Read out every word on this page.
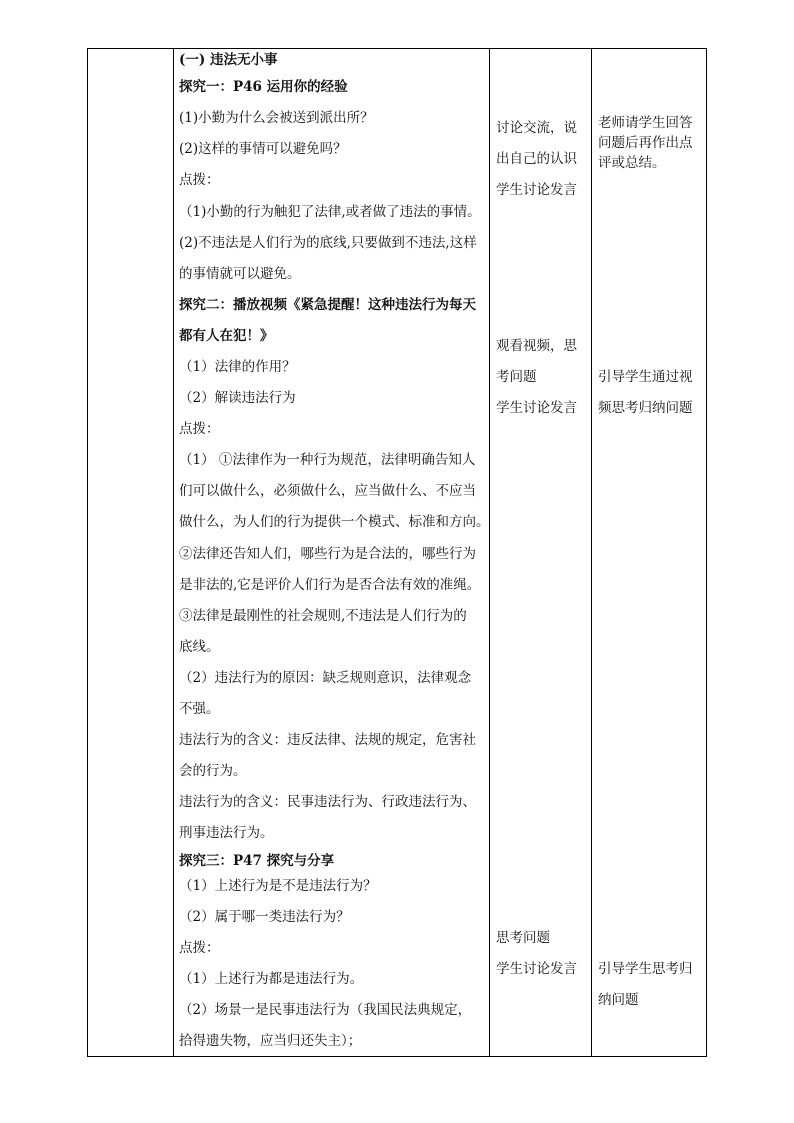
(一) 违法无小事
探究一：P46 运用你的经验
(1)小勤为什么会被送到派出所？
(2)这样的事情可以避免吗？
点拨：
（1)小勤的行为触犯了法律,或者做了违法的事情。
(2)不违法是人们行为的底线,只要做到不违法,这样
的事情就可以避免。
探究二：播放视频《紧急提醒！这种违法行为每天
都有人在犯！》
（1）法律的作用？
（2）解读违法行为
点拨：
（1） ①法律作为一种行为规范，法律明确告知人
们可以做什么，必须做什么，应当做什么、不应当
做什么，为人们的行为提供一个模式、标准和方向。
②法律还告知人们，哪些行为是合法的，哪些行为
是非法的,它是评价人们行为是否合法有效的准绳。
③法律是最刚性的社会规则,不违法是人们行为的
底线。
（2）违法行为的原因：缺乏规则意识，法律观念
不强。
违法行为的含义：违反法律、法规的规定，危害社
会的行为。
违法行为的含义：民事违法行为、行政违法行为、
刑事违法行为。
探究三：P47 探究与分享
（1）上述行为是不是违法行为？
（2）属于哪一类违法行为？
点拨：
（1）上述行为都是违法行为。
（2）场景一是民事违法行为（我国民法典规定，
拾得遗失物，应当归还失主）；
讨论交流，说
出自己的认识
学生讨论发言
观看视频，思
考问题
学生讨论发言
思考问题
学生讨论发言
老师请学生回答
问题后再作出点
评或总结。
引导学生通过视
频思考归纳问题
引导学生思考归
纳问题
